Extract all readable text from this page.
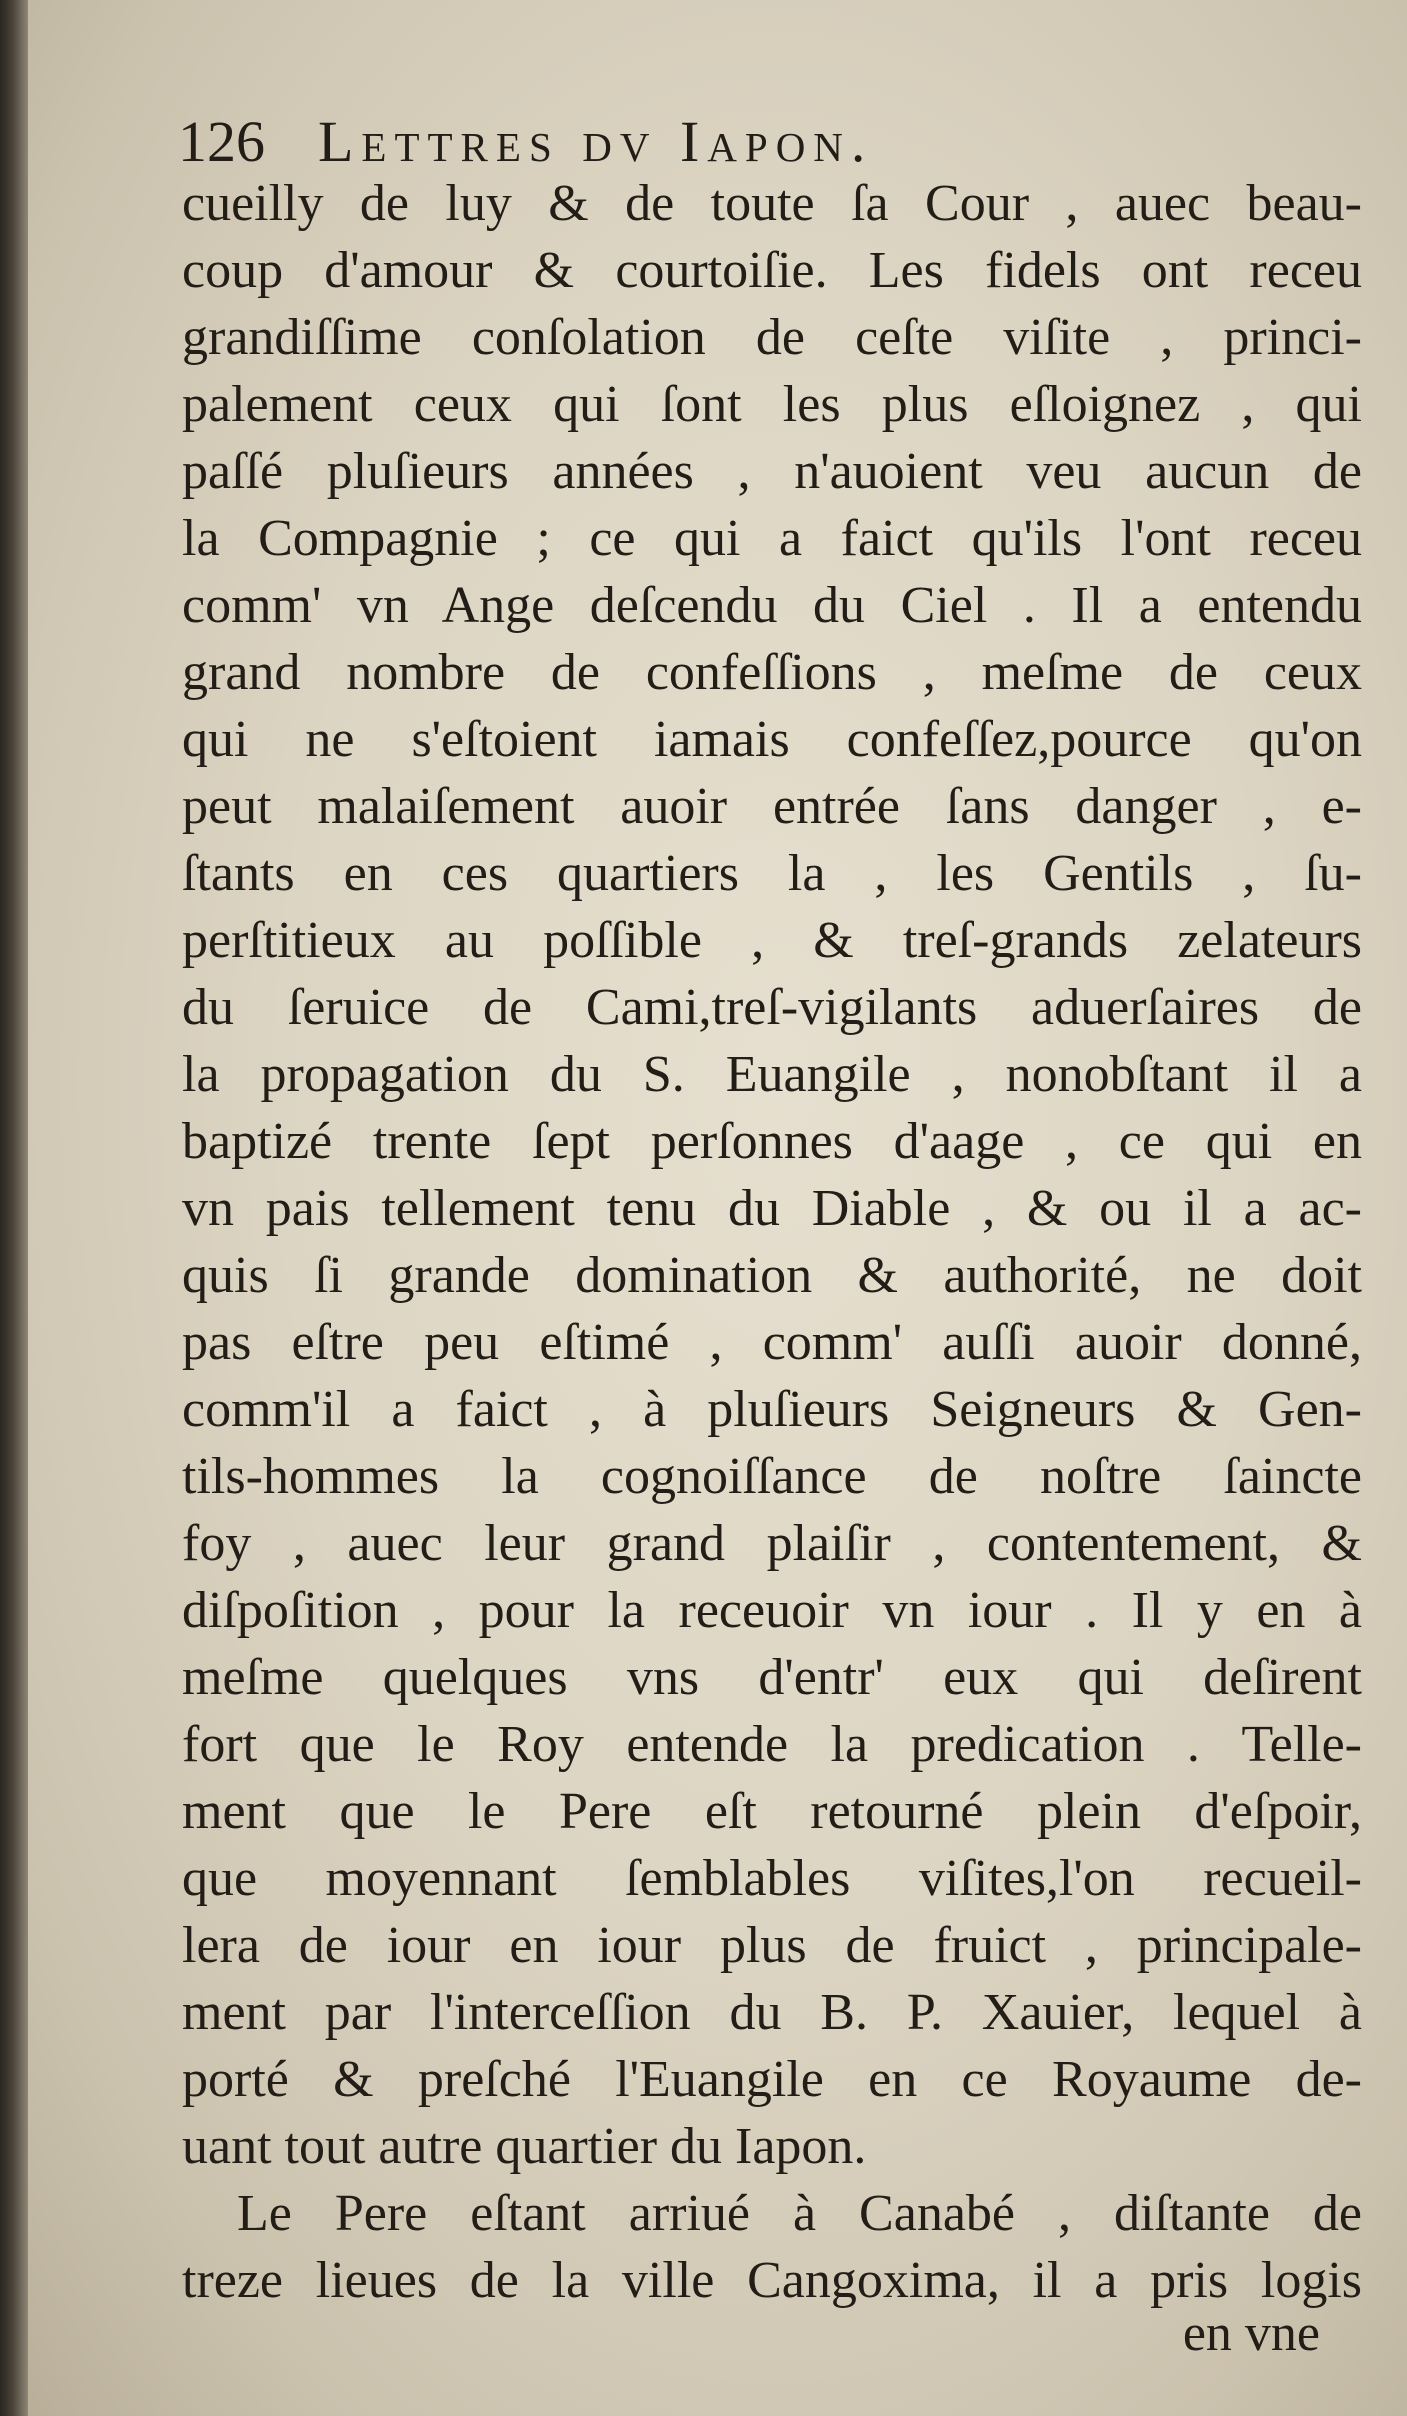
126 Lettres dv Iapon.
cueilly de luy & de toute ſa Cour , auec beau-
coup d'amour & courtoiſie. Les fidels ont receu
grandiſſime conſolation de ceſte viſite , princi-
palement ceux qui ſont les plus eſloignez , qui
paſſé pluſieurs années , n'auoient veu aucun de
la Compagnie ; ce qui a faict qu'ils l'ont receu
comm' vn Ange deſcendu du Ciel . Il a entendu
grand nombre de confeſſions , meſme de ceux
qui ne s'eſtoient iamais confeſſez,pource qu'on
peut malaiſement auoir entrée ſans danger , e-
ſtants en ces quartiers la , les Gentils , ſu-
perſtitieux au poſſible , & treſ-grands zelateurs
du ſeruice de Cami,treſ-vigilants aduerſaires de
la propagation du S. Euangile , nonobſtant il a
baptizé trente ſept perſonnes d'aage , ce qui en
vn pais tellement tenu du Diable , & ou il a ac-
quis ſi grande domination & authorité, ne doit
pas eſtre peu eſtimé , comm' auſſi auoir donné,
comm'il a faict , à pluſieurs Seigneurs & Gen-
tils-hommes la cognoiſſance de noſtre ſaincte
foy , auec leur grand plaiſir , contentement, &
diſpoſition , pour la receuoir vn iour . Il y en à
meſme quelques vns d'entr' eux qui deſirent
fort que le Roy entende la predication . Telle-
ment que le Pere eſt retourné plein d'eſpoir,
que moyennant ſemblables viſites,l'on recueil-
lera de iour en iour plus de fruict , principale-
ment par l'interceſſion du B. P. Xauier, lequel à
porté & preſché l'Euangile en ce Royaume de-
uant tout autre quartier du Iapon.
Le Pere eſtant arriué à Canabé , diſtante de
treze lieues de la ville Cangoxima, il a pris logis
en vne
